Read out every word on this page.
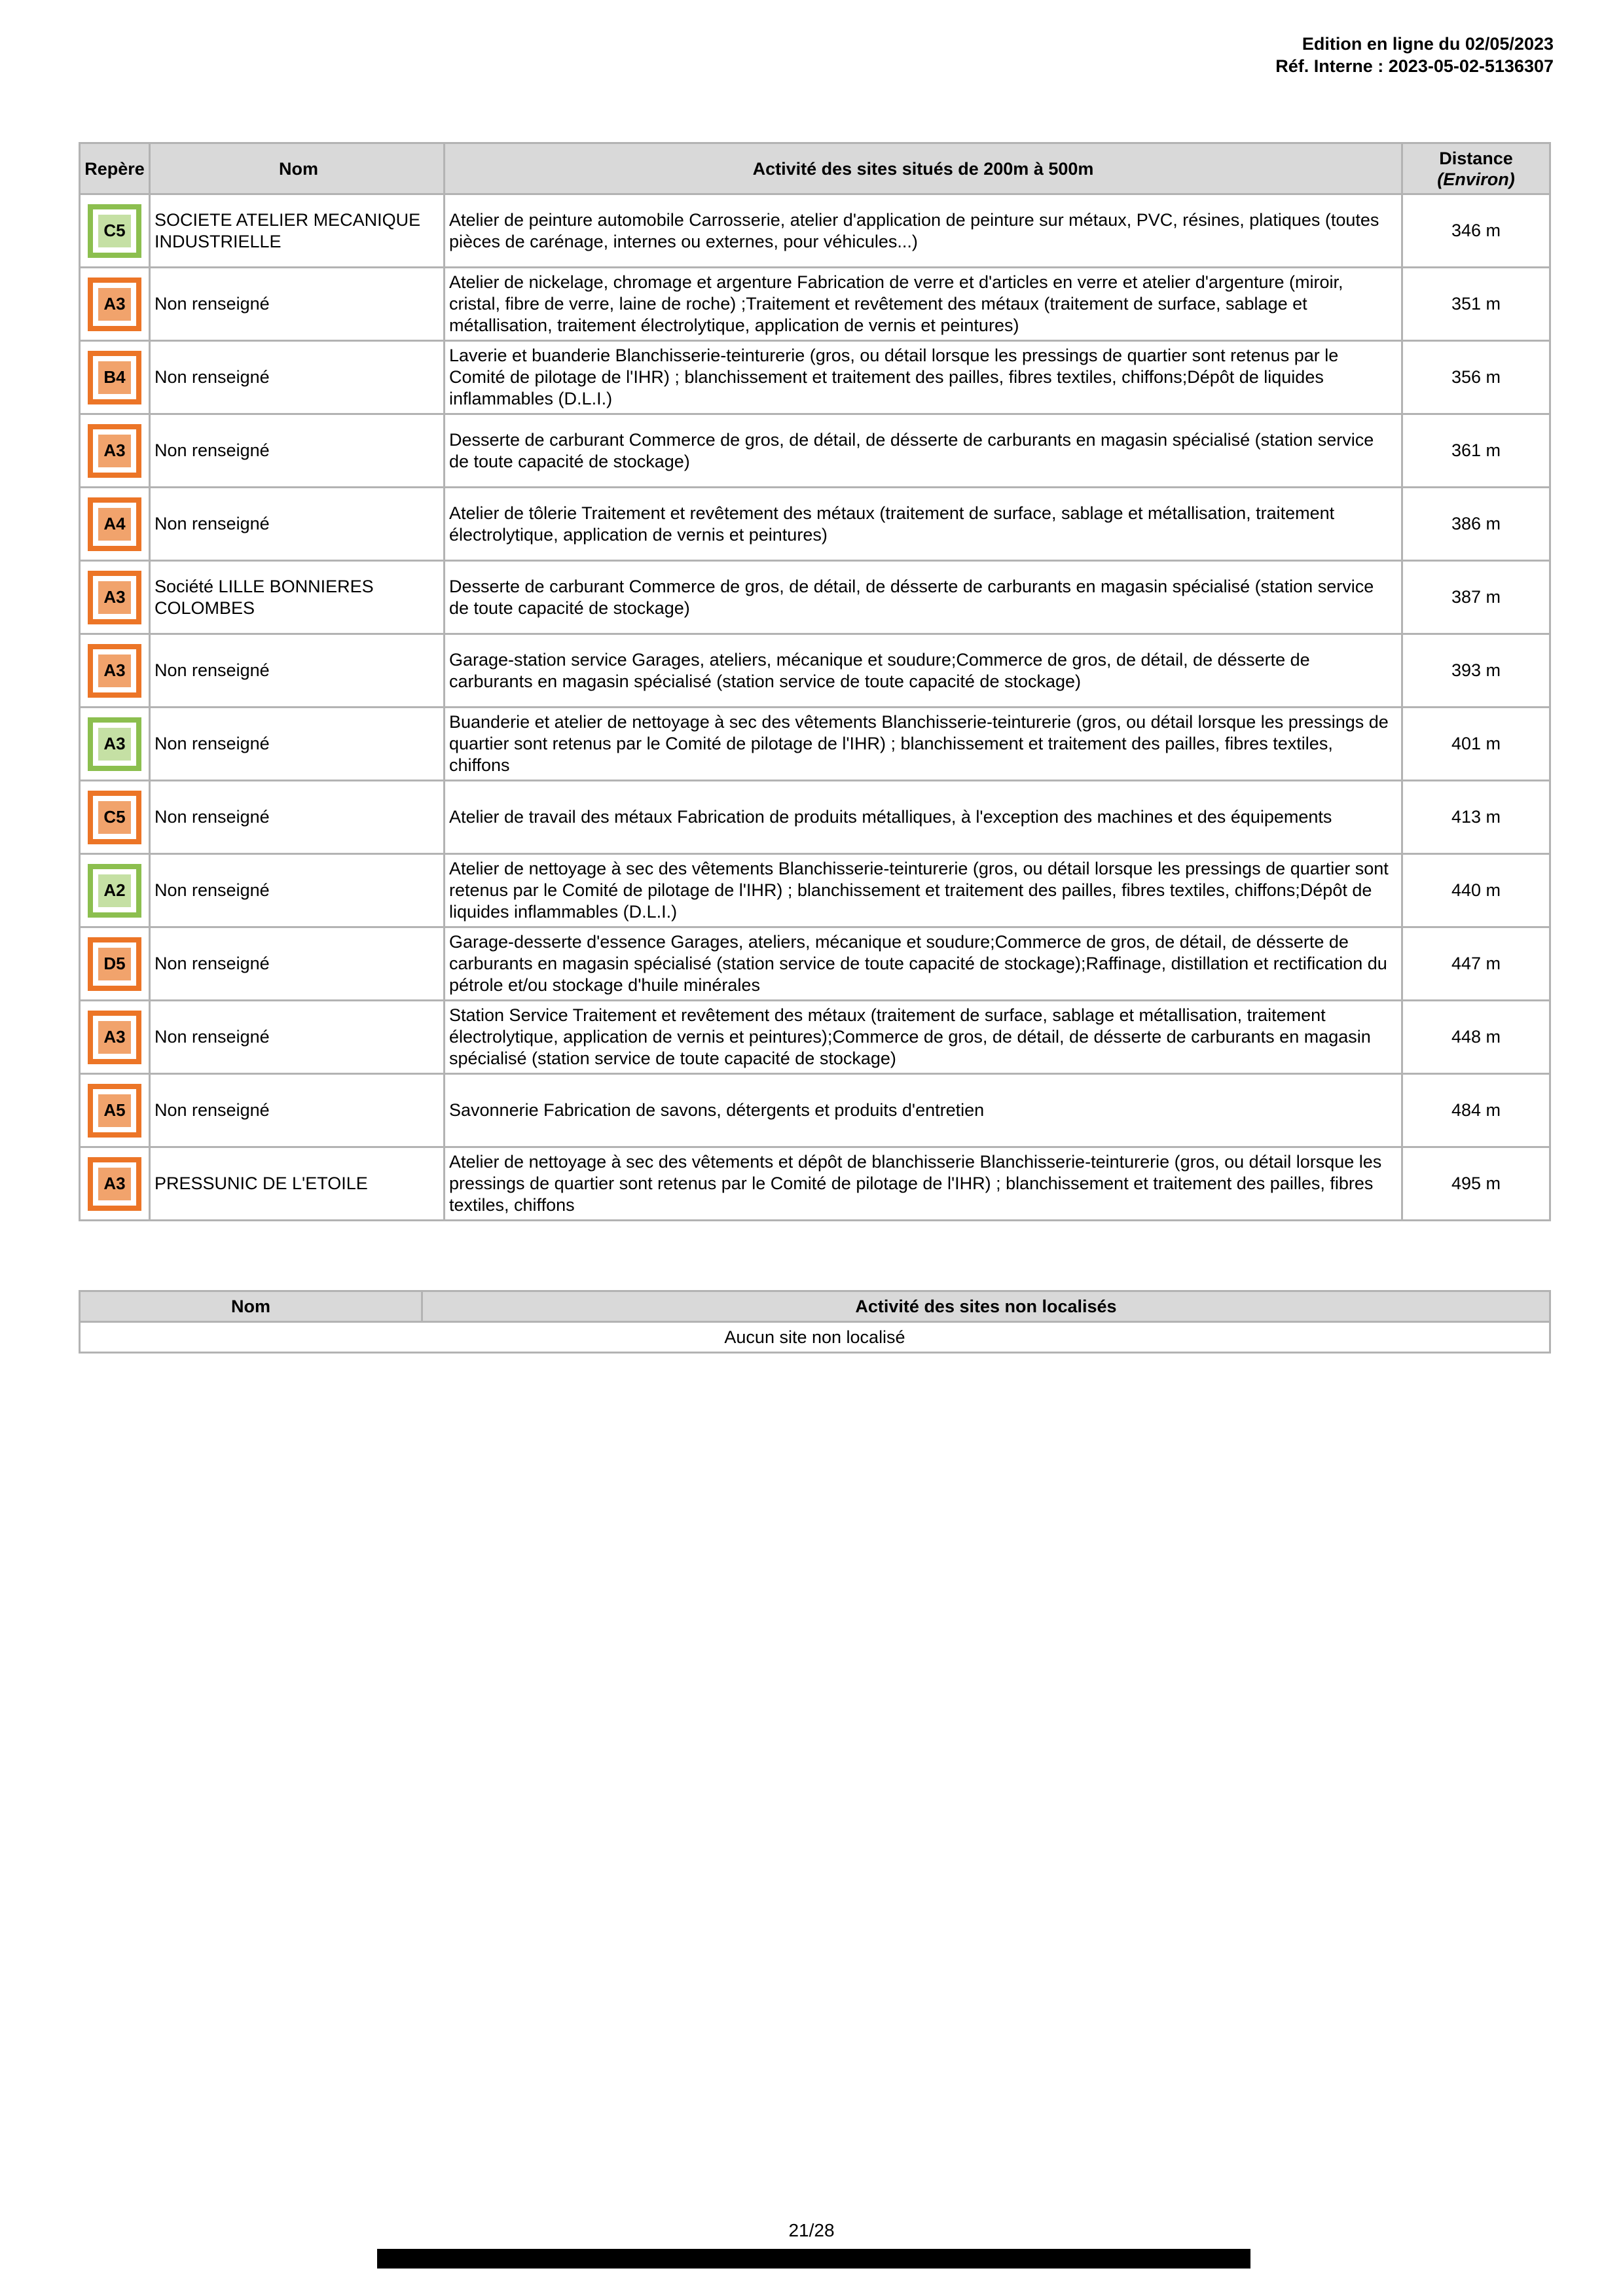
Edition en ligne du 02/05/2023
Réf. Interne : 2023-05-02-5136307
Repère	Nom	Activité des sites situés de 200m à 500m	Distance
(Environ)

C5	SOCIETE ATELIER MECANIQUE INDUSTRIELLE	Atelier de peinture automobile Carrosserie, atelier d'application de peinture sur métaux, PVC, résines, platiques (toutes pièces de carénage, internes ou externes, pour véhicules...)	346 m

A3	Non renseigné	Atelier de nickelage, chromage et argenture Fabrication de verre et d'articles en verre et atelier d'argenture (miroir, cristal, fibre de verre, laine de roche) ;Traitement et revêtement des métaux (traitement de surface, sablage et métallisation, traitement électrolytique, application de vernis et peintures)	351 m

B4	Non renseigné	Laverie et buanderie Blanchisserie-teinturerie (gros, ou détail lorsque les pressings de quartier sont retenus par le Comité de pilotage de l'IHR) ; blanchissement et traitement des pailles, fibres textiles, chiffons;Dépôt de liquides inflammables (D.L.I.)	356 m

A3	Non renseigné	Desserte de carburant Commerce de gros, de détail, de désserte de carburants en magasin spécialisé (station service de toute capacité de stockage)	361 m

A4	Non renseigné	Atelier de tôlerie Traitement et revêtement des métaux (traitement de surface, sablage et métallisation, traitement électrolytique, application de vernis et peintures)	386 m

A3	Société LILLE BONNIERES COLOMBES	Desserte de carburant Commerce de gros, de détail, de désserte de carburants en magasin spécialisé (station service de toute capacité de stockage)	387 m

A3	Non renseigné	Garage-station service Garages, ateliers, mécanique et soudure;Commerce de gros, de détail, de désserte de carburants en magasin spécialisé (station service de toute capacité de stockage)	393 m

A3	Non renseigné	Buanderie et atelier de nettoyage à sec des vêtements Blanchisserie-teinturerie (gros, ou détail lorsque les pressings de quartier sont retenus par le Comité de pilotage de l'IHR) ; blanchissement et traitement des pailles, fibres textiles, chiffons	401 m

C5	Non renseigné	Atelier de travail des métaux Fabrication de produits métalliques, à l'exception des machines et des équipements	413 m

A2	Non renseigné	Atelier de nettoyage à sec des vêtements Blanchisserie-teinturerie (gros, ou détail lorsque les pressings de quartier sont retenus par le Comité de pilotage de l'IHR) ; blanchissement et traitement des pailles, fibres textiles, chiffons;Dépôt de liquides inflammables (D.L.I.)	440 m

D5	Non renseigné	Garage-desserte d'essence Garages, ateliers, mécanique et soudure;Commerce de gros, de détail, de désserte de carburants en magasin spécialisé (station service de toute capacité de stockage);Raffinage, distillation et rectification du pétrole et/ou stockage d'huile minérales	447 m

A3	Non renseigné	Station Service Traitement et revêtement des métaux (traitement de surface, sablage et métallisation, traitement électrolytique, application de vernis et peintures);Commerce de gros, de détail, de désserte de carburants en magasin spécialisé (station service de toute capacité de stockage)	448 m

A5	Non renseigné	Savonnerie Fabrication de savons, détergents et produits d'entretien	484 m

A3	PRESSUNIC DE L'ETOILE	Atelier de nettoyage à sec des vêtements et dépôt de blanchisserie Blanchisserie-teinturerie (gros, ou détail lorsque les pressings de quartier sont retenus par le Comité de pilotage de l'IHR) ; blanchissement et traitement des pailles, fibres textiles, chiffons	495 m
Nom	Activité des sites non localisés
Aucun site non localisé
21/28
